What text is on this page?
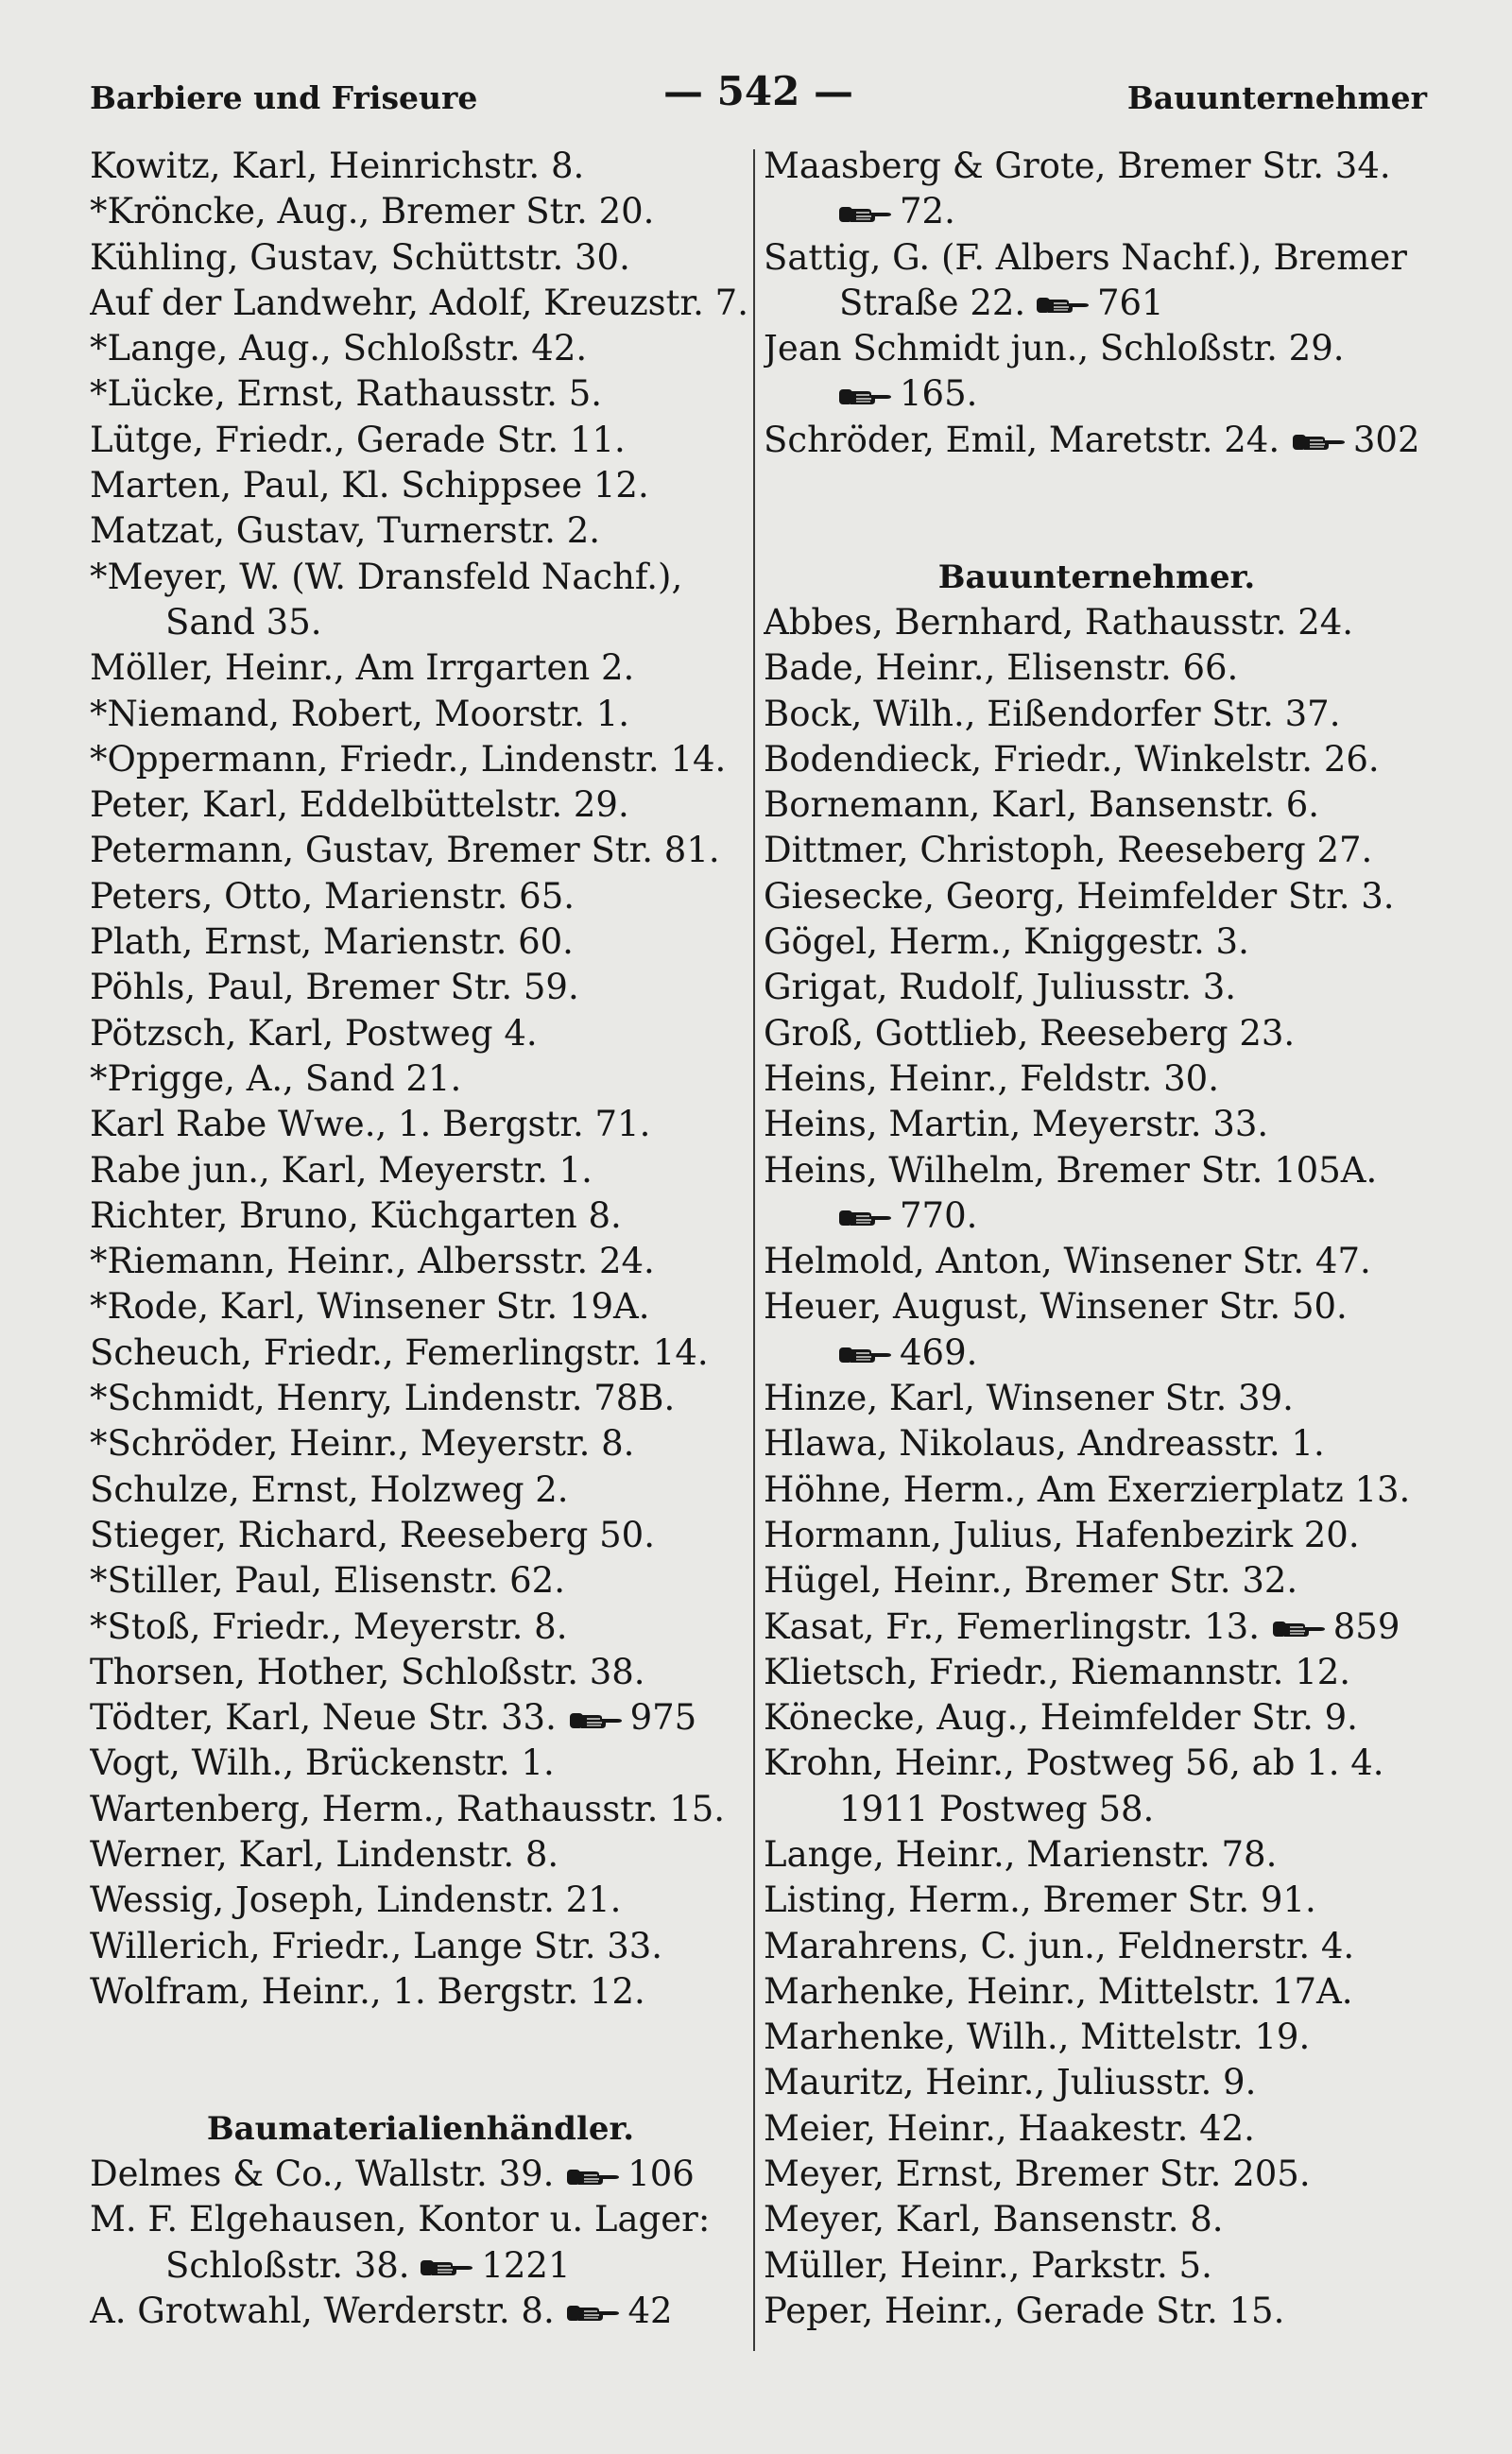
Barbiere und Friseure	— 542 —	Bauunternehmer
Kowitz, Karl, Heinrichstr. 8.
*Kröncke, Aug., Bremer Str. 20.
Kühling, Gustav, Schüttstr. 30.
Auf der Landwehr, Adolf, Kreuzstr. 7.
*Lange, Aug., Schloßstr. 42.
*Lücke, Ernst, Rathausstr. 5.
Lütge, Friedr., Gerade Str. 11.
Marten, Paul, Kl. Schippsee 12.
Matzat, Gustav, Turnerstr. 2.
*Meyer, W. (W. Dransfeld Nachf.),
Sand 35.
Möller, Heinr., Am Irrgarten 2.
*Niemand, Robert, Moorstr. 1.
*Oppermann, Friedr., Lindenstr. 14.
Peter, Karl, Eddelbüttelstr. 29.
Petermann, Gustav, Bremer Str. 81.
Peters, Otto, Marienstr. 65.
Plath, Ernst, Marienstr. 60.
Pöhls, Paul, Bremer Str. 59.
Pötzsch, Karl, Postweg 4.
*Prigge, A., Sand 21.
Karl Rabe Wwe., 1. Bergstr. 71.
Rabe jun., Karl, Meyerstr. 1.
Richter, Bruno, Küchgarten 8.
*Riemann, Heinr., Albersstr. 24.
*Rode, Karl, Winsener Str. 19A.
Scheuch, Friedr., Femerlingstr. 14.
*Schmidt, Henry, Lindenstr. 78B.
*Schröder, Heinr., Meyerstr. 8.
Schulze, Ernst, Holzweg 2.
Stieger, Richard, Reeseberg 50.
*Stiller, Paul, Elisenstr. 62.
*Stoß, Friedr., Meyerstr. 8.
Thorsen, Hother, Schloßstr. 38.
Tödter, Karl, Neue Str. 33. 975
Vogt, Wilh., Brückenstr. 1.
Wartenberg, Herm., Rathausstr. 15.
Werner, Karl, Lindenstr. 8.
Wessig, Joseph, Lindenstr. 21.
Willerich, Friedr., Lange Str. 33.
Wolfram, Heinr., 1. Bergstr. 12.
Baumaterialienhändler.
Delmes & Co., Wallstr. 39. 106
M. F. Elgehausen, Kontor u. Lager:
Schloßstr. 38. 1221
A. Grotwahl, Werderstr. 8. 42
Maasberg & Grote, Bremer Str. 34.
72.
Sattig, G. (F. Albers Nachf.), Bremer
Straße 22. 761
Jean Schmidt jun., Schloßstr. 29.
165.
Schröder, Emil, Maretstr. 24. 302
Bauunternehmer.
Abbes, Bernhard, Rathausstr. 24.
Bade, Heinr., Elisenstr. 66.
Bock, Wilh., Eißendorfer Str. 37.
Bodendieck, Friedr., Winkelstr. 26.
Bornemann, Karl, Bansenstr. 6.
Dittmer, Christoph, Reeseberg 27.
Giesecke, Georg, Heimfelder Str. 3.
Gögel, Herm., Kniggestr. 3.
Grigat, Rudolf, Juliusstr. 3.
Groß, Gottlieb, Reeseberg 23.
Heins, Heinr., Feldstr. 30.
Heins, Martin, Meyerstr. 33.
Heins, Wilhelm, Bremer Str. 105A.
770.
Helmold, Anton, Winsener Str. 47.
Heuer, August, Winsener Str. 50.
469.
Hinze, Karl, Winsener Str. 39.
Hlawa, Nikolaus, Andreasstr. 1.
Höhne, Herm., Am Exerzierplatz 13.
Hormann, Julius, Hafenbezirk 20.
Hügel, Heinr., Bremer Str. 32.
Kasat, Fr., Femerlingstr. 13. 859
Klietsch, Friedr., Riemannstr. 12.
Könecke, Aug., Heimfelder Str. 9.
Krohn, Heinr., Postweg 56, ab 1. 4.
1911 Postweg 58.
Lange, Heinr., Marienstr. 78.
Listing, Herm., Bremer Str. 91.
Marahrens, C. jun., Feldnerstr. 4.
Marhenke, Heinr., Mittelstr. 17A.
Marhenke, Wilh., Mittelstr. 19.
Mauritz, Heinr., Juliusstr. 9.
Meier, Heinr., Haakestr. 42.
Meyer, Ernst, Bremer Str. 205.
Meyer, Karl, Bansenstr. 8.
Müller, Heinr., Parkstr. 5.
Peper, Heinr., Gerade Str. 15.
